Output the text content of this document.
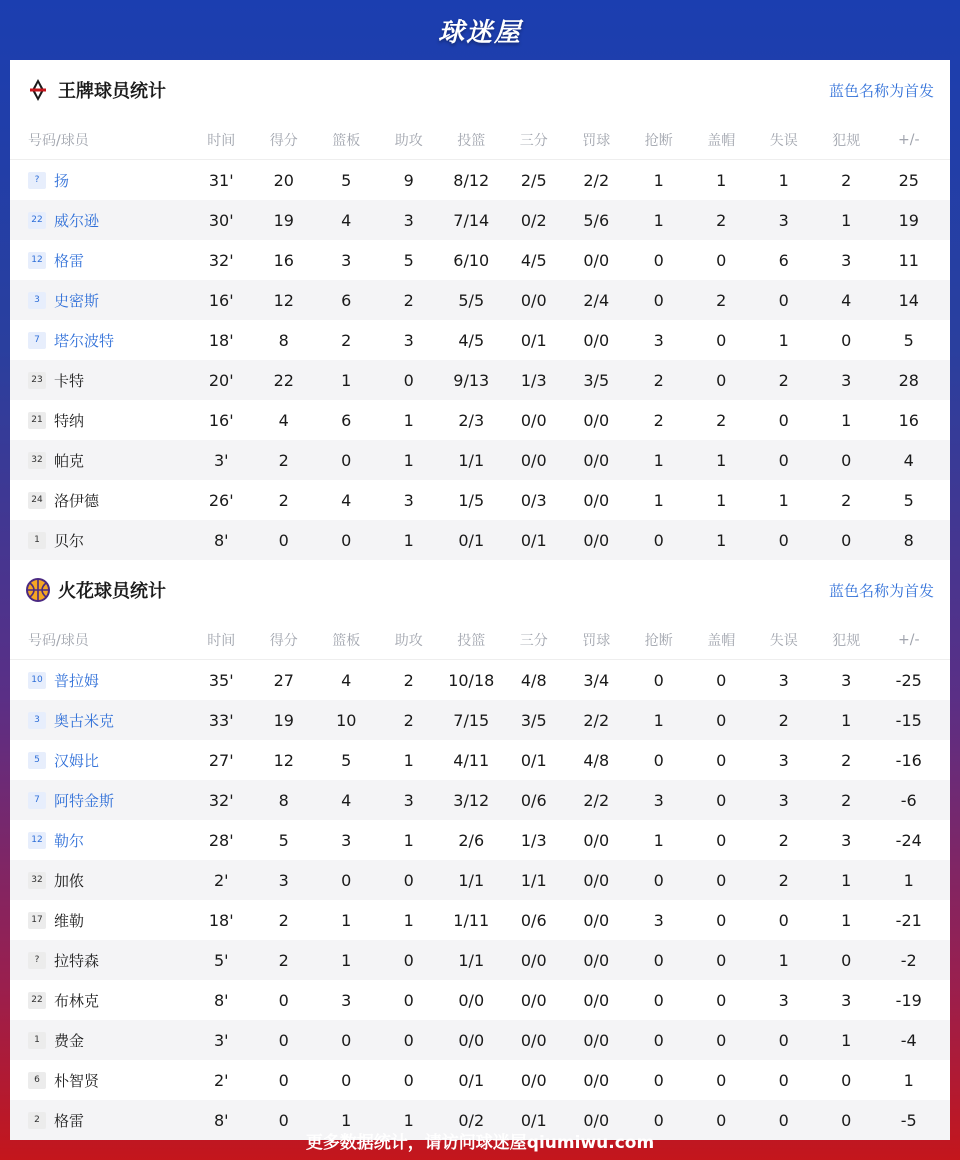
球迷屋
王牌球员统计	蓝色名称为首发
号码/球员	时间	得分	篮板	助攻	投篮	三分	罚球	抢断	盖帽	失误	犯规	+/-
? 扬	31'	20	5	9	8/12	2/5	2/2	1	1	1	2	25
22 威尔逊	30'	19	4	3	7/14	0/2	5/6	1	2	3	1	19
12 格雷	32'	16	3	5	6/10	4/5	0/0	0	0	6	3	11
3 史密斯	16'	12	6	2	5/5	0/0	2/4	0	2	0	4	14
7 塔尔波特	18'	8	2	3	4/5	0/1	0/0	3	0	1	0	5
23 卡特	20'	22	1	0	9/13	1/3	3/5	2	0	2	3	28
21 特纳	16'	4	6	1	2/3	0/0	0/0	2	2	0	1	16
32 帕克	3'	2	0	1	1/1	0/0	0/0	1	1	0	0	4
24 洛伊德	26'	2	4	3	1/5	0/3	0/0	1	1	1	2	5
1 贝尔	8'	0	0	1	0/1	0/1	0/0	0	1	0	0	8
火花球员统计	蓝色名称为首发
号码/球员	时间	得分	篮板	助攻	投篮	三分	罚球	抢断	盖帽	失误	犯规	+/-
10 普拉姆	35'	27	4	2	10/18	4/8	3/4	0	0	3	3	-25
3 奥古米克	33'	19	10	2	7/15	3/5	2/2	1	0	2	1	-15
5 汉姆比	27'	12	5	1	4/11	0/1	4/8	0	0	3	2	-16
7 阿特金斯	32'	8	4	3	3/12	0/6	2/2	3	0	3	2	-6
12 勒尔	28'	5	3	1	2/6	1/3	0/0	1	0	2	3	-24
32 加侬	2'	3	0	0	1/1	1/1	0/0	0	0	2	1	1
17 维勒	18'	2	1	1	1/11	0/6	0/0	3	0	0	1	-21
? 拉特森	5'	2	1	0	1/1	0/0	0/0	0	0	1	0	-2
22 布林克	8'	0	3	0	0/0	0/0	0/0	0	0	3	3	-19
1 费金	3'	0	0	0	0/0	0/0	0/0	0	0	0	1	-4
6 朴智贤	2'	0	0	0	0/1	0/0	0/0	0	0	0	0	1
2 格雷	8'	0	1	1	0/2	0/1	0/0	0	0	0	0	-5
更多数据统计，请访问球迷屋qiumiwu.com
